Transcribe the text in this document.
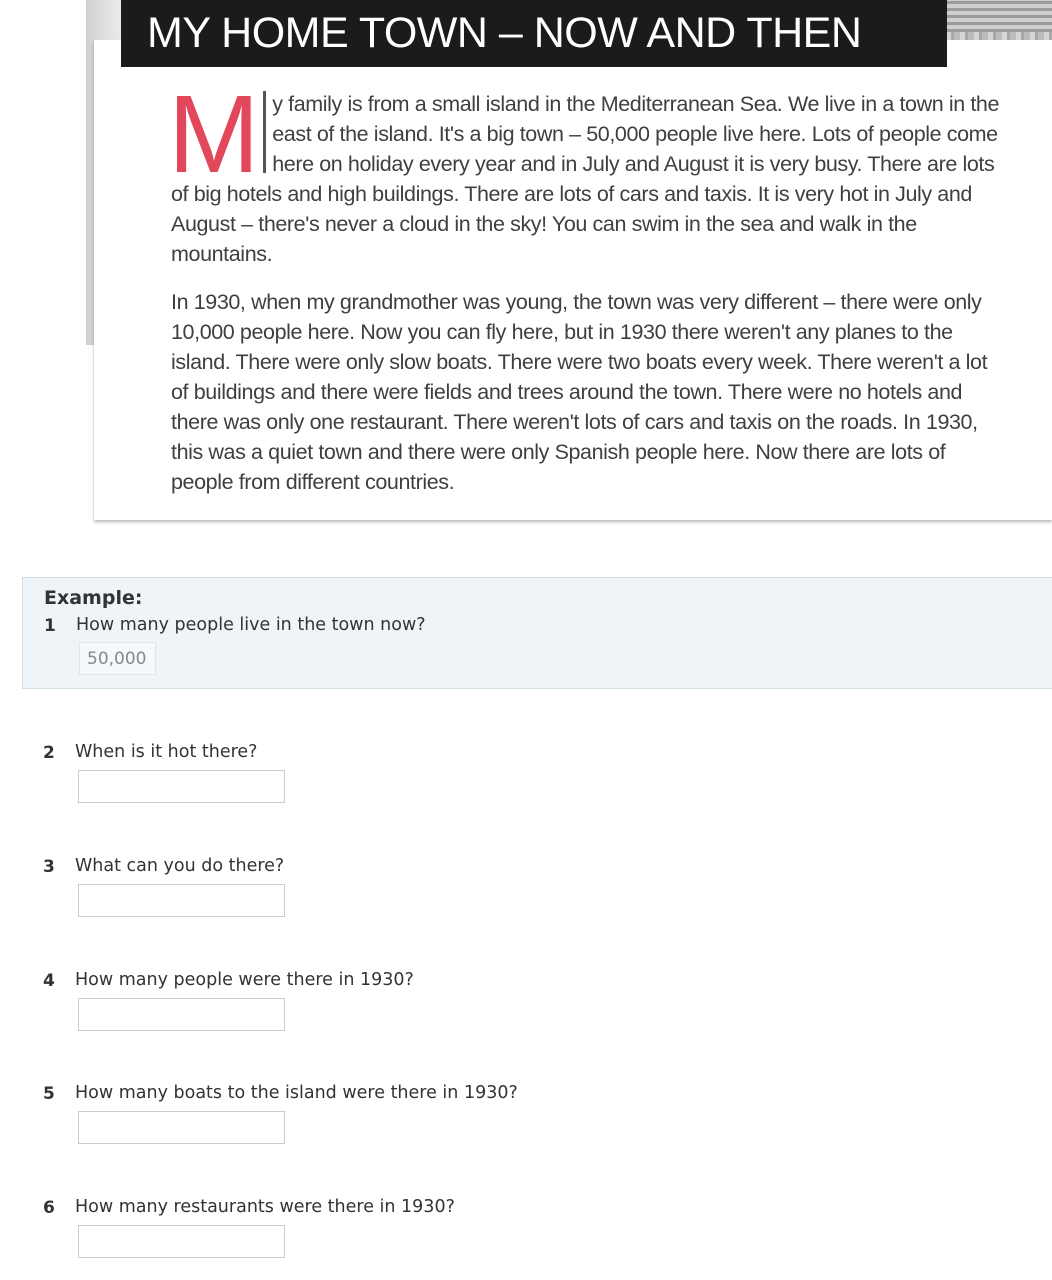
MY HOME TOWN – NOW AND THEN
M y family is from a small island in the Mediterranean Sea. We live in a town in the east of the island. It's a big town – 50,000 people live here. Lots of people come here on holiday every year and in July and August it is very busy. There are lots of big hotels and high buildings. There are lots of cars and taxis. It is very hot in July and August – there's never a cloud in the sky! You can swim in the sea and walk in the mountains.
In 1930, when my grandmother was young, the town was very different – there were only 10,000 people here. Now you can fly here, but in 1930 there weren't any planes to the island. There were only slow boats. There were two boats every week. There weren't a lot of buildings and there were fields and trees around the town. There were no hotels and there was only one restaurant. There weren't lots of cars and taxis on the roads. In 1930, this was a quiet town and there were only Spanish people here. Now there are lots of people from different countries.
Example:
1 How many people live in the town now?
50,000
2 When is it hot there?
3 What can you do there?
4 How many people were there in 1930?
5 How many boats to the island were there in 1930?
6 How many restaurants were there in 1930?
